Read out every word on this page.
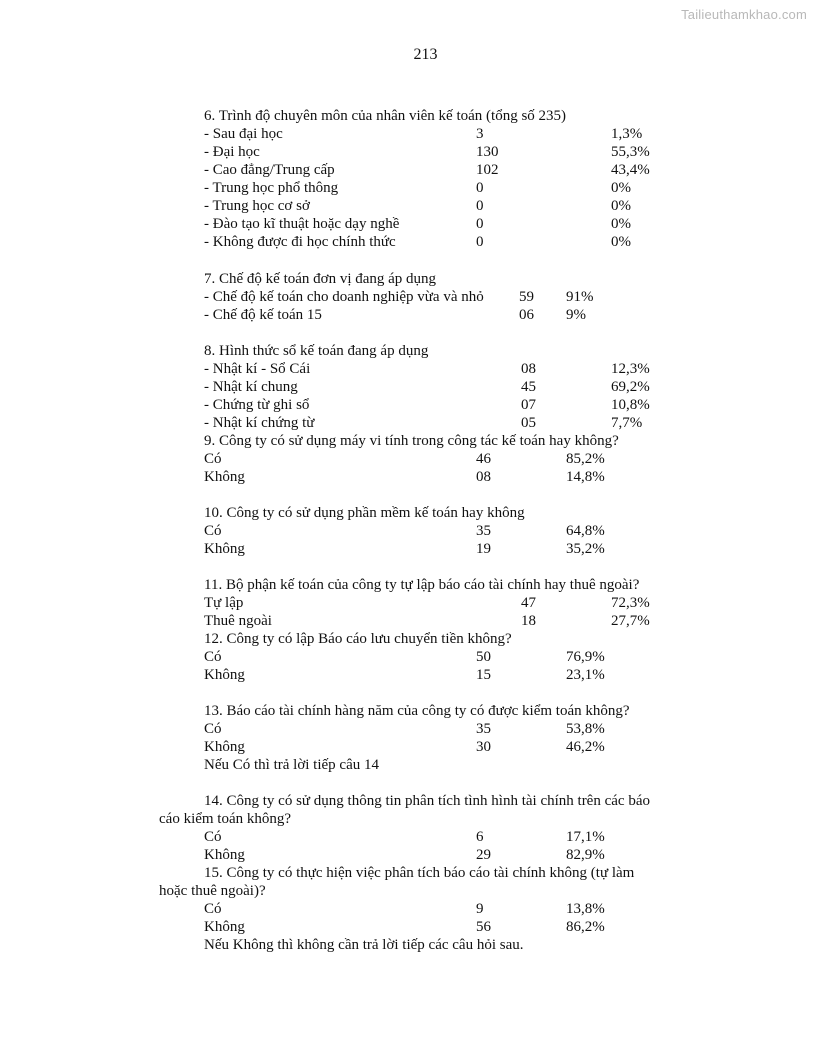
Tailieuthamkhao.com
213
6. Trình độ chuyên môn của nhân viên kế toán (tổng số 235)
- Sau đại học	3	1,3%
- Đại học	130	55,3%
- Cao đẳng/Trung cấp	102	43,4%
- Trung học phổ thông	0	0%
- Trung học cơ sở	0	0%
- Đào tạo kĩ thuật hoặc dạy nghề	0	0%
- Không được đi học chính thức	0	0%
7. Chế độ kế toán đơn vị đang áp dụng
- Chế độ kế toán cho doanh nghiệp vừa và nhỏ 59 91%
- Chế độ kế toán 15	06 9%
8. Hình thức sổ kế toán đang áp dụng
- Nhật kí - Sổ Cái	08	12,3%
- Nhật kí chung	45	69,2%
- Chứng từ ghi sổ	07	10,8%
- Nhật kí chứng từ	05	7,7%
9. Công ty có sử dụng máy vi tính trong công tác kế toán hay không?
Có	46	85,2%
Không	08	14,8%
10. Công ty có sử dụng phần mềm kế toán hay không
Có	35	64,8%
Không	19	35,2%
11. Bộ phận kế toán của công ty tự lập báo cáo tài chính hay thuê ngoài?
Tự lập	47	72,3%
Thuê ngoài	18	27,7%
12. Công ty có lập Báo cáo lưu chuyển tiền không?
Có	50	76,9%
Không	15	23,1%
13. Báo cáo tài chính hàng năm của công ty có được kiểm toán không?
Có	35	53,8%
Không	30	46,2%
Nếu Có thì trả lời tiếp câu 14
14. Công ty có sử dụng thông tin phân tích tình hình tài chính trên các báo
cáo kiểm toán không?
Có	6	17,1%
Không	29	82,9%
15. Công ty có thực hiện việc phân tích báo cáo tài chính không (tự làm
hoặc thuê ngoài)?
Có	9	13,8%
Không	56	86,2%
Nếu Không thì không cần trả lời tiếp các câu hỏi sau.
